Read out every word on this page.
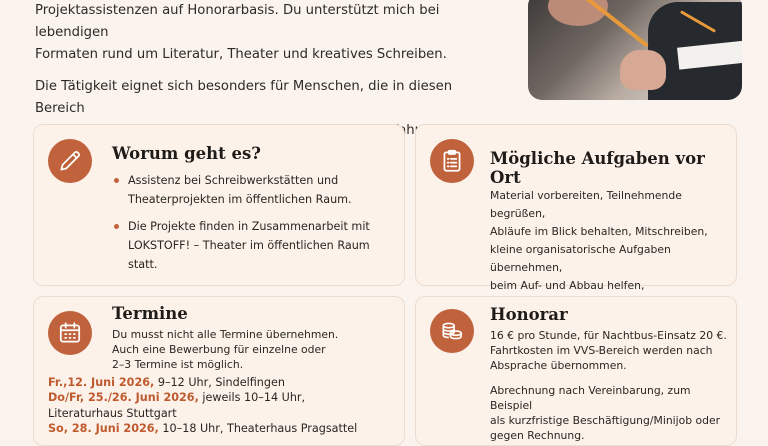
Projektassistenzen auf Honorarbasis. Du unterstützt mich bei lebendigen
Formaten rund um Literatur, Theater und kreatives Schreiben.

Die Tätigkeit eignet sich besonders für Menschen, die in diesen Bereich

Worum geht es?
Assistenz bei Schreibwerkstätten und
Theaterprojekten im öffentlichen Raum.
Die Projekte finden in Zusammenarbeit mit
LOKSTOFF! – Theater im öffentlichen Raum statt.
Mögliche Aufgaben vor Ort

Material vorbereiten, Teilnehmende begrüßen,

Abläufe im Blick behalten, Mitschreiben,

kleine organisatorische Aufgaben übernehmen,

beim Auf- und Abbau helfen,

Termine

Du musst nicht alle Termine übernehmen.

Auch eine Bewerbung für einzelne oder

2–3 Termine ist möglich.

Fr.,12. Juni 2026, 9–12 Uhr, Sindelfingen
Do/Fr, 25./26. Juni 2026, jeweils 10–14 Uhr,
Literaturhaus Stuttgart
So, 28. Juni 2026, 10–18 Uhr, Theaterhaus Pragsattel
Honorar

16 € pro Stunde, für Nachtbus-Einsatz 20 €.

Fahrtkosten im VVS-Bereich werden nach

Absprache übernommen.

Abrechnung nach Vereinbarung, zum Beispiel

als kurzfristige Beschäftigung/Minijob oder

gegen Rechnung.
